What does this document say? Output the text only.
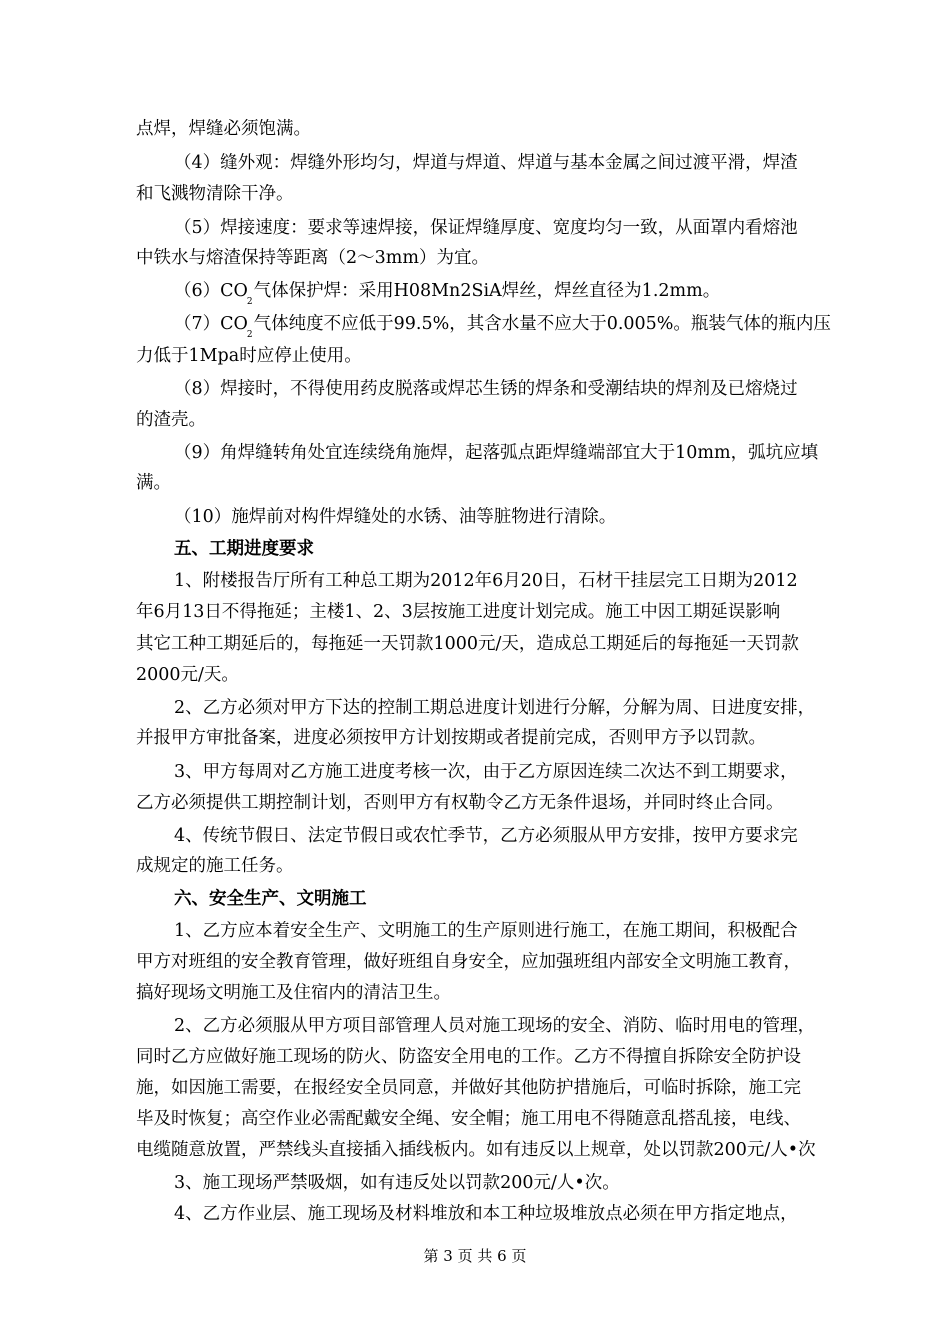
点焊，焊缝必须饱满。
（4）缝外观：焊缝外形均匀，焊道与焊道、焊道与基本金属之间过渡平滑，焊渣
和飞溅物清除干净。
（5）焊接速度：要求等速焊接，保证焊缝厚度、宽度均匀一致，从面罩内看熔池
中铁水与熔渣保持等距离（2～3mm）为宜。
$(6)CO_2$气体保护焊：采用H08Mn2SiA焊丝，焊丝直径为1.2mm。
$(7)CO_2$气体纯度不应低于99.5%，其含水量不应大于0.005%。瓶装气体的瓶内压
力低于1Mpa时应停止使用。
（8）焊接时，不得使用药皮脱落或焊芯生锈的焊条和受潮结块的焊剂及已熔烧过
的渣壳。
（9）角焊缝转角处宜连续绕角施焊，起落弧点距焊缝端部宜大于10mm，弧坑应填
满。
（10）施焊前对构件焊缝处的水锈、油等脏物进行清除。
五、工期进度要求
1、附楼报告厅所有工种总工期为2012年6月20日，石材干挂层完工日期为2012
年6月13日不得拖延；主楼1、2、3层按施工进度计划完成。施工中因工期延误影响
其它工种工期延后的，每拖延一天罚款1000元/天，造成总工期延后的每拖延一天罚款
2000元/天。
2、乙方必须对甲方下达的控制工期总进度计划进行分解，分解为周、日进度安排，
并报甲方审批备案，进度必须按甲方计划按期或者提前完成，否则甲方予以罚款。
3、甲方每周对乙方施工进度考核一次，由于乙方原因连续二次达不到工期要求，
乙方必须提供工期控制计划，否则甲方有权勒令乙方无条件退场，并同时终止合同。
4、传统节假日、法定节假日或农忙季节，乙方必须服从甲方安排，按甲方要求完
成规定的施工任务。
六、安全生产、文明施工
1、乙方应本着安全生产、文明施工的生产原则进行施工，在施工期间，积极配合
甲方对班组的安全教育管理，做好班组自身安全，应加强班组内部安全文明施工教育，
搞好现场文明施工及住宿内的清洁卫生。
2、乙方必须服从甲方项目部管理人员对施工现场的安全、消防、临时用电的管理，
同时乙方应做好施工现场的防火、防盗安全用电的工作。乙方不得擅自拆除安全防护设
施，如因施工需要，在报经安全员同意，并做好其他防护措施后，可临时拆除，施工完
毕及时恢复；高空作业必需配戴安全绳、安全帽；施工用电不得随意乱搭乱接，电线、
电缆随意放置，严禁线头直接插入插线板内。如有违反以上规章，处以罚款200元/人•次
3、施工现场严禁吸烟，如有违反处以罚款200元/人•次。
4、乙方作业层、施工现场及材料堆放和本工种垃圾堆放点必须在甲方指定地点，
第 3 页 共 6 页
